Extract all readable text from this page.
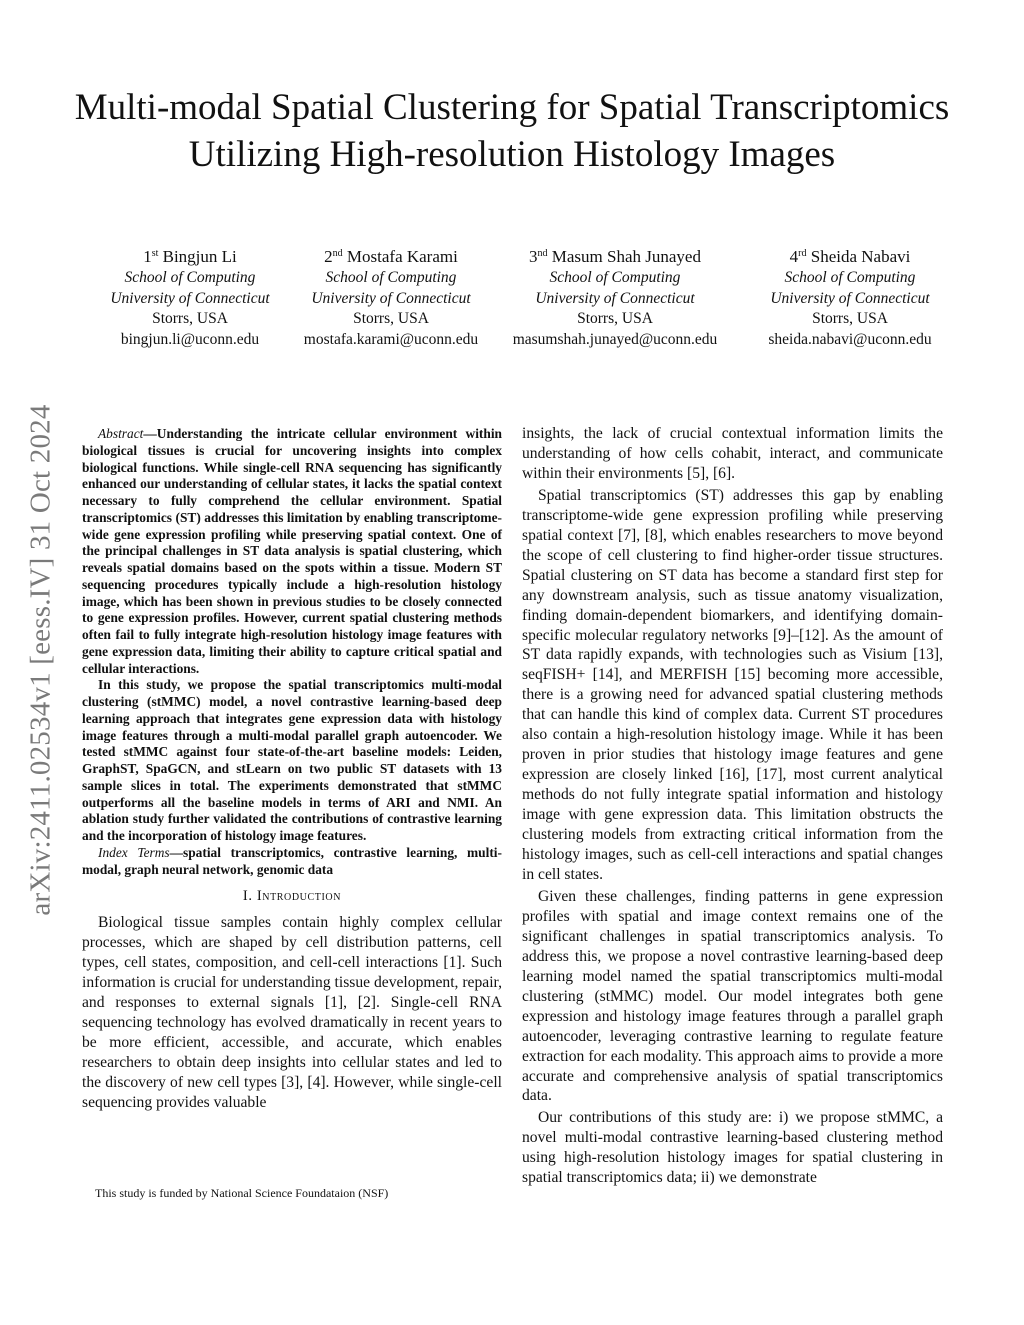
arXiv:2411.02534v1 [eess.IV] 31 Oct 2024
Multi-modal Spatial Clustering for Spatial Transcriptomics Utilizing High-resolution Histology Images
1st Bingjun Li
School of Computing
University of Connecticut
Storrs, USA
bingjun.li@uconn.edu
2nd Mostafa Karami
School of Computing
University of Connecticut
Storrs, USA
mostafa.karami@uconn.edu
3nd Masum Shah Junayed
School of Computing
University of Connecticut
Storrs, USA
masumshah.junayed@uconn.edu
4rd Sheida Nabavi
School of Computing
University of Connecticut
Storrs, USA
sheida.nabavi@uconn.edu

Abstract—Understanding the intricate cellular environment within biological tissues is crucial for uncovering insights into complex biological functions. While single-cell RNA sequencing has significantly enhanced our understanding of cellular states, it lacks the spatial context necessary to fully comprehend the cellular environment. Spatial transcriptomics (ST) addresses this limitation by enabling transcriptome-wide gene expression profiling while preserving spatial context. One of the principal challenges in ST data analysis is spatial clustering, which reveals spatial domains based on the spots within a tissue. Modern ST sequencing procedures typically include a high-resolution histology image, which has been shown in previous studies to be closely connected to gene expression profiles. However, current spatial clustering methods often fail to fully integrate high-resolution histology image features with gene expression data, limiting their ability to capture critical spatial and cellular interactions.

In this study, we propose the spatial transcriptomics multi-modal clustering (stMMC) model, a novel contrastive learning-based deep learning approach that integrates gene expression data with histology image features through a multi-modal parallel graph autoencoder. We tested stMMC against four state-of-the-art baseline models: Leiden, GraphST, SpaGCN, and stLearn on two public ST datasets with 13 sample slices in total. The experiments demonstrated that stMMC outperforms all the baseline models in terms of ARI and NMI. An ablation study further validated the contributions of contrastive learning and the incorporation of histology image features.

Index Terms—spatial transcriptomics, contrastive learning, multi-modal, graph neural network, genomic data

I. Introduction

Biological tissue samples contain highly complex cellular processes, which are shaped by cell distribution patterns, cell types, cell states, composition, and cell-cell interactions [1]. Such information is crucial for understanding tissue development, repair, and responses to external signals [1], [2]. Single-cell RNA sequencing technology has evolved dramatically in recent years to be more efficient, accessible, and accurate, which enables researchers to obtain deep insights into cellular states and led to the discovery of new cell types [3], [4]. However, while single-cell sequencing provides valuable

insights, the lack of crucial contextual information limits the understanding of how cells cohabit, interact, and communicate within their environments [5], [6].

Spatial transcriptomics (ST) addresses this gap by enabling transcriptome-wide gene expression profiling while preserving spatial context [7], [8], which enables researchers to move beyond the scope of cell clustering to find higher-order tissue structures. Spatial clustering on ST data has become a standard first step for any downstream analysis, such as tissue anatomy visualization, finding domain-dependent biomarkers, and identifying domain-specific molecular regulatory networks [9]–[12]. As the amount of ST data rapidly expands, with technologies such as Visium [13], seqFISH+ [14], and MERFISH [15] becoming more accessible, there is a growing need for advanced spatial clustering methods that can handle this kind of complex data. Current ST procedures also contain a high-resolution histology image. While it has been proven in prior studies that histology image features and gene expression are closely linked [16], [17], most current analytical methods do not fully integrate spatial information and histology image with gene expression data. This limitation obstructs the clustering models from extracting critical information from the histology images, such as cell-cell interactions and spatial changes in cell states.

Given these challenges, finding patterns in gene expression profiles with spatial and image context remains one of the significant challenges in spatial transcriptomics analysis. To address this, we propose a novel contrastive learning-based deep learning model named the spatial transcriptomics multi-modal clustering (stMMC) model. Our model integrates both gene expression and histology image features through a parallel graph autoencoder, leveraging contrastive learning to regulate feature extraction for each modality. This approach aims to provide a more accurate and comprehensive analysis of spatial transcriptomics data.

Our contributions of this study are: i) we propose stMMC, a novel multi-modal contrastive learning-based clustering method using high-resolution histology images for spatial clustering in spatial transcriptomics data; ii) we demonstrate

This study is funded by National Science Foundataion (NSF)
